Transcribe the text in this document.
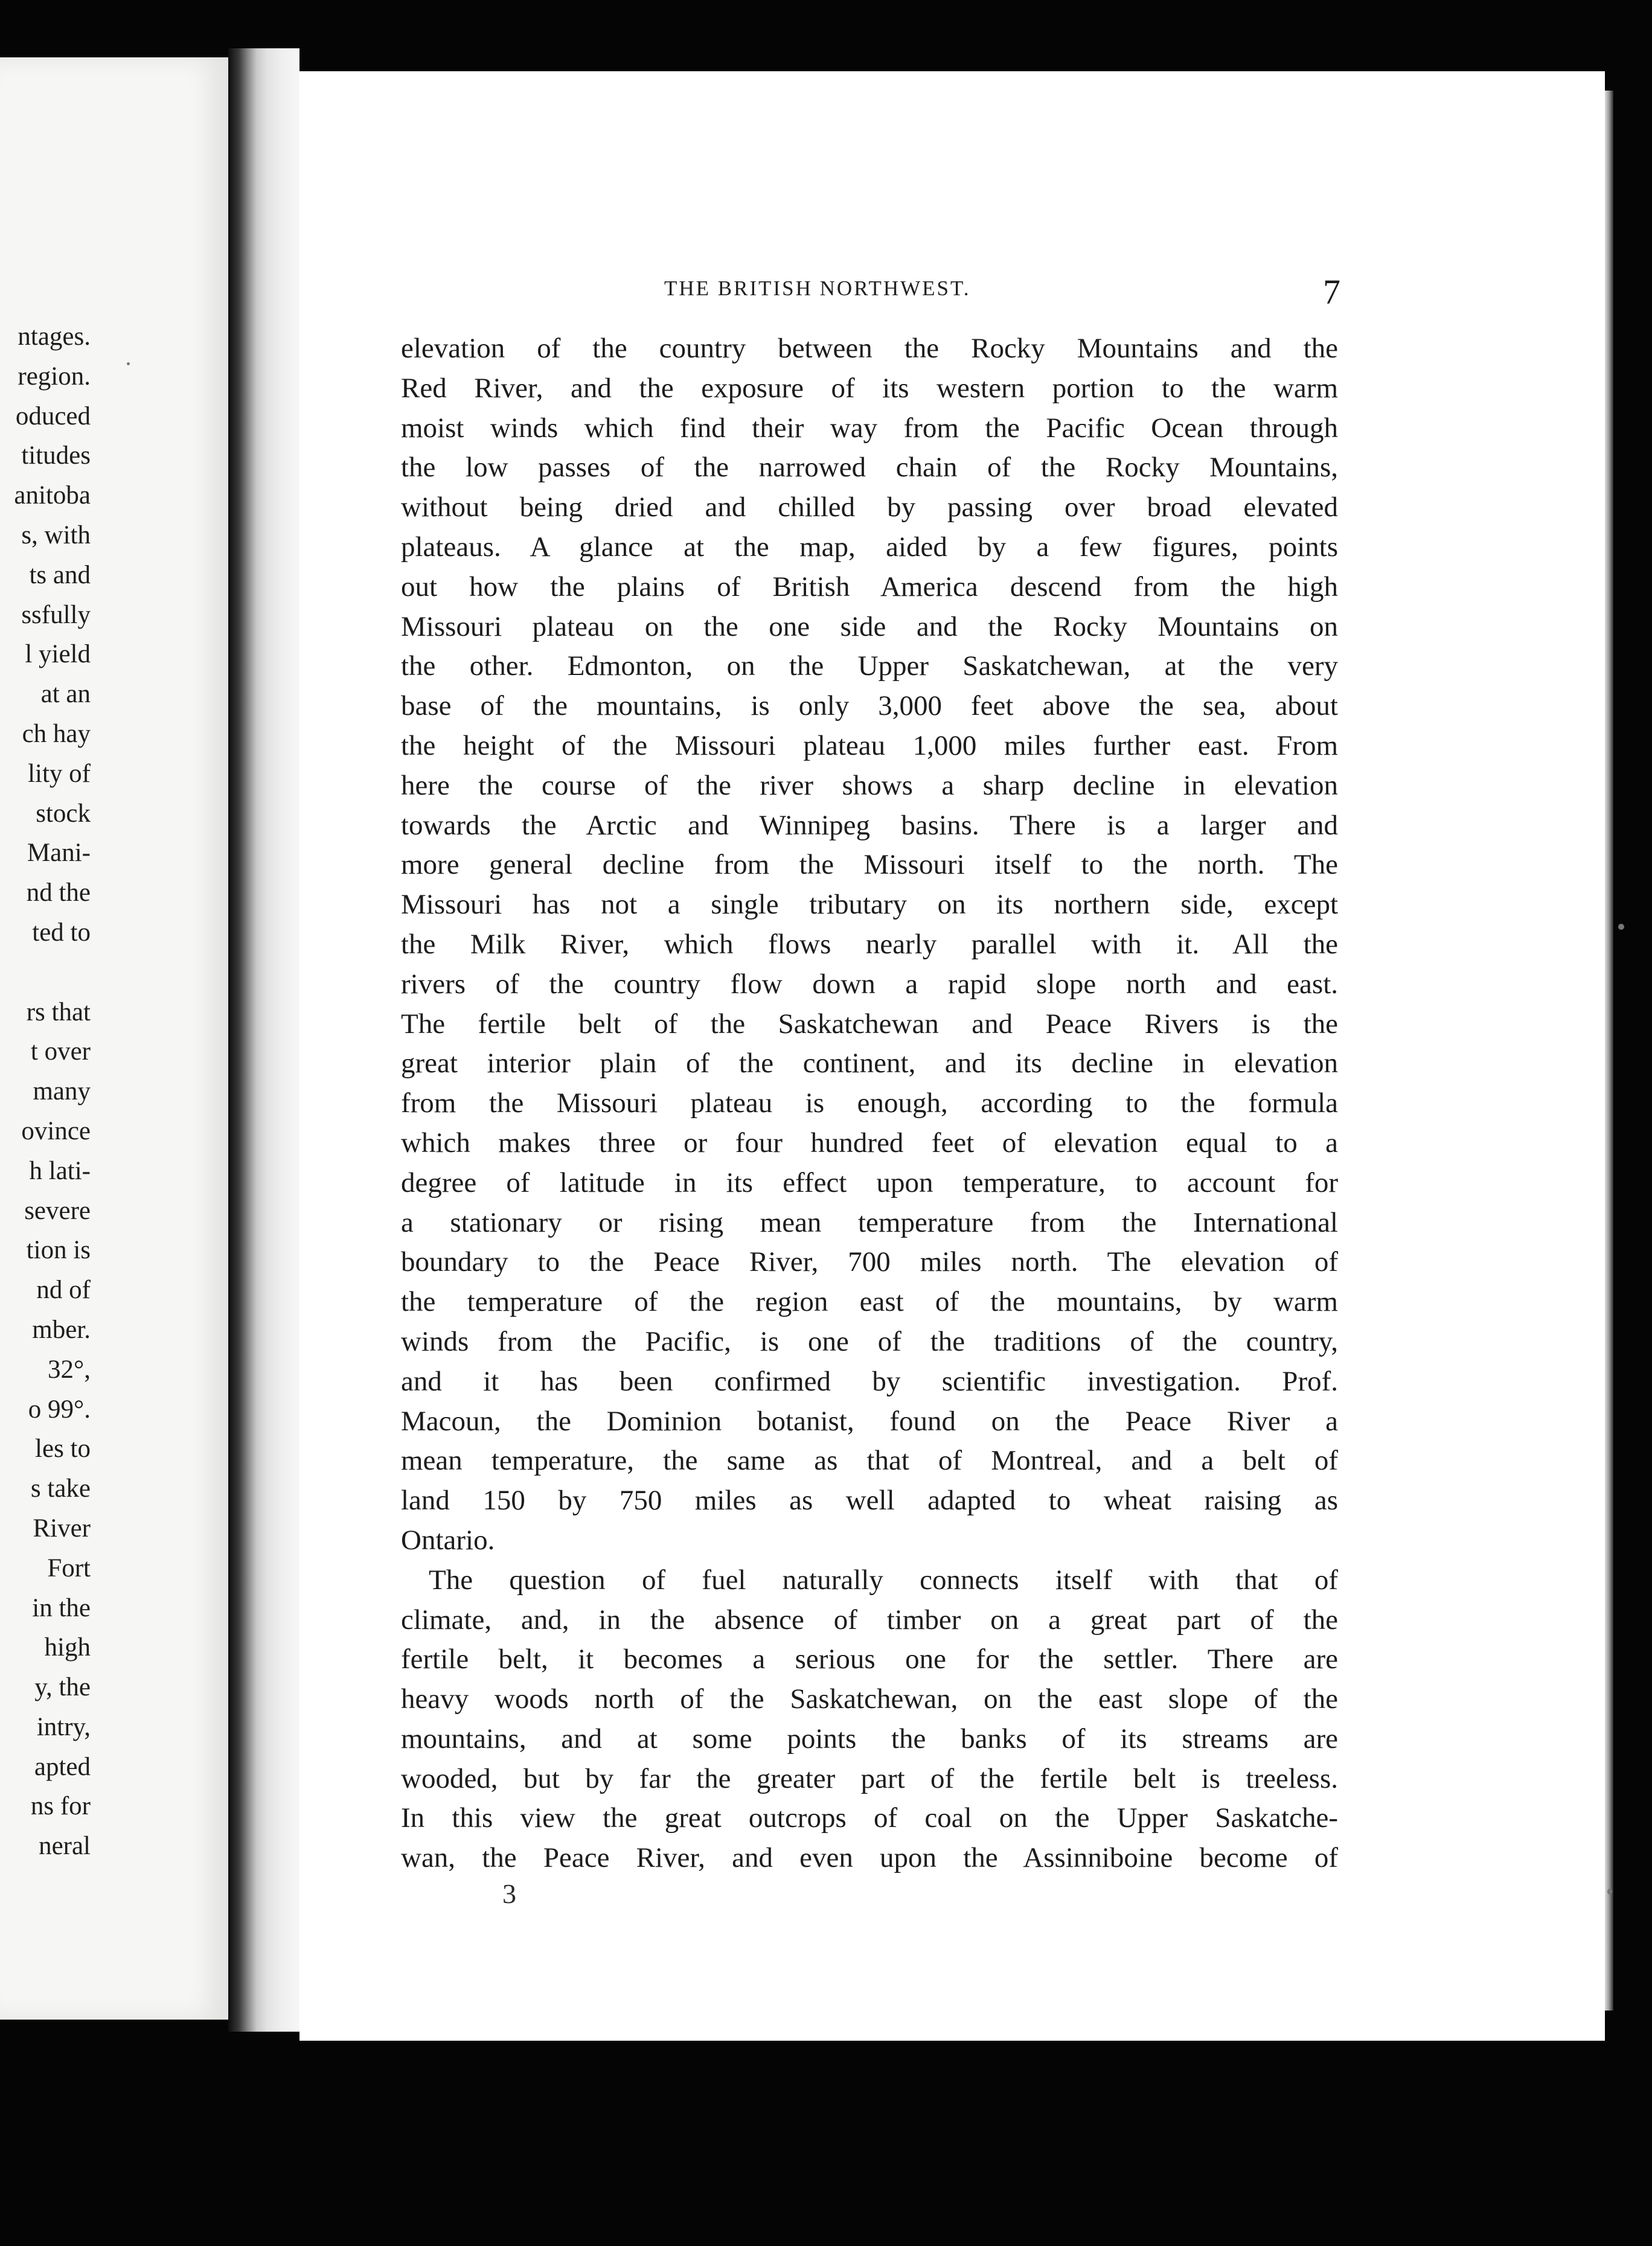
ntages.
region.
oduced
titudes
anitoba
s, with
ts and
ssfully
l yield
at an
ch hay
lity of
stock
Mani-
nd the
ted to
rs that
t over
many
ovince
h lati-
severe
tion is
nd of
mber.
32°,
o 99°.
les to
s take
River
Fort
in the
high
y, the
intry,
apted
ns for
neral
THE BRITISH NORTHWEST.	7
elevation of the country between the Rocky Mountains and the
Red River, and the exposure of its western portion to the warm
moist winds which find their way from the Pacific Ocean through
the low passes of the narrowed chain of the Rocky Mountains,
without being dried and chilled by passing over broad elevated
plateaus. A glance at the map, aided by a few figures, points
out how the plains of British America descend from the high
Missouri plateau on the one side and the Rocky Mountains on
the other. Edmonton, on the Upper Saskatchewan, at the very
base of the mountains, is only 3,000 feet above the sea, about
the height of the Missouri plateau 1,000 miles further east. From
here the course of the river shows a sharp decline in elevation
towards the Arctic and Winnipeg basins. There is a larger and
more general decline from the Missouri itself to the north. The
Missouri has not a single tributary on its northern side, except
the Milk River, which flows nearly parallel with it. All the
rivers of the country flow down a rapid slope north and east.
The fertile belt of the Saskatchewan and Peace Rivers is the
great interior plain of the continent, and its decline in elevation
from the Missouri plateau is enough, according to the formula
which makes three or four hundred feet of elevation equal to a
degree of latitude in its effect upon temperature, to account for
a stationary or rising mean temperature from the International
boundary to the Peace River, 700 miles north. The elevation of
the temperature of the region east of the mountains, by warm
winds from the Pacific, is one of the traditions of the country,
and it has been confirmed by scientific investigation. Prof.
Macoun, the Dominion botanist, found on the Peace River a
mean temperature, the same as that of Montreal, and a belt of
land 150 by 750 miles as well adapted to wheat raising as
Ontario.
The question of fuel naturally connects itself with that of
climate, and, in the absence of timber on a great part of the
fertile belt, it becomes a serious one for the settler. There are
heavy woods north of the Saskatchewan, on the east slope of the
mountains, and at some points the banks of its streams are
wooded, but by far the greater part of the fertile belt is treeless.
In this view the great outcrops of coal on the Upper Saskatche-
wan, the Peace River, and even upon the Assinniboine become of
3
